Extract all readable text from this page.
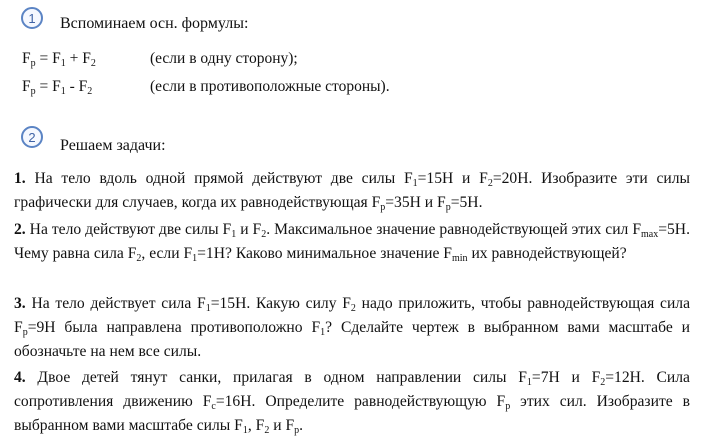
1 Вспоминаем осн. формулы:
$F_р = F_1 + F_2$	(если в одну сторону);
$F_р = F_1 - F_2$	(если в противоположные стороны).
2 Решаем задачи:
1. На тело вдоль одной прямой действуют две силы $F_1=15Н$ и $F_2=20Н$. Изобразите эти силы графически для случаев, когда их равнодействующая $F_р=35Н$ и $F_р=5Н$.
2. На тело действуют две силы $F_1$ и $F_2$. Максимальное значение равнодействующей этих сил $F_{max}=5Н$. Чему равна сила $F_2$, если $F_1=1Н$? Каково минимальное значение $F_{min}$ их равнодействующей?
3. На тело действует сила $F_1=15Н$. Какую силу $F_2$ надо приложить, чтобы равнодействующая сила $F_р=9Н$ была направлена противоположно $F_1$? Сделайте чертеж в выбранном вами масштабе и обозначьте на нем все силы.
4. Двое детей тянут санки, прилагая в одном направлении силы $F_1=7Н$ и $F_2=12Н$. Сила сопротивления движению $F_с=16Н$. Определите равнодействующую $F_р$ этих сил. Изобразите в выбранном вами масштабе силы $F_1$, $F_2$ и $F_р$.
